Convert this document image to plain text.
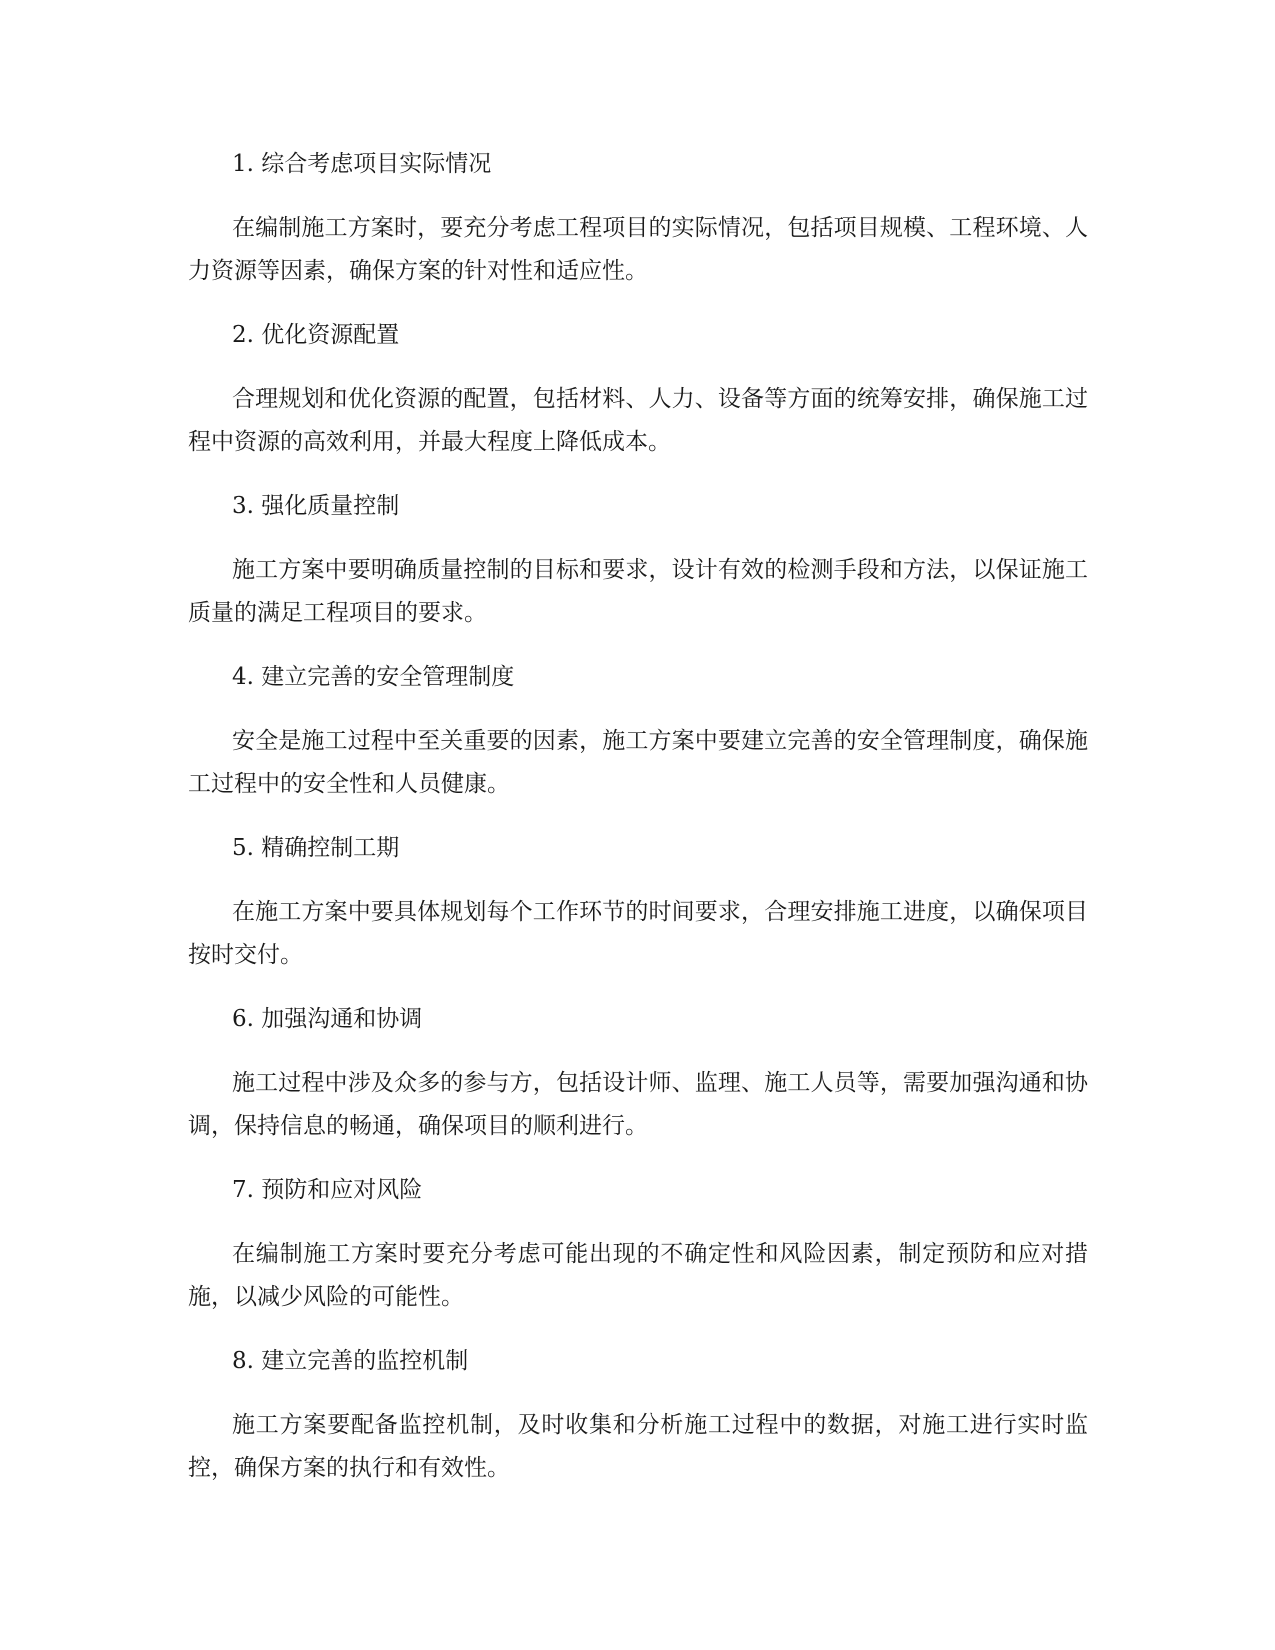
1. 综合考虑项目实际情况

在编制施工方案时，要充分考虑工程项目的实际情况，包括项目规模、工程环境、人力资源等因素，确保方案的针对性和适应性。

2. 优化资源配置

合理规划和优化资源的配置，包括材料、人力、设备等方面的统筹安排，确保施工过程中资源的高效利用，并最大程度上降低成本。

3. 强化质量控制

施工方案中要明确质量控制的目标和要求，设计有效的检测手段和方法，以保证施工质量的满足工程项目的要求。

4. 建立完善的安全管理制度

安全是施工过程中至关重要的因素，施工方案中要建立完善的安全管理制度，确保施工过程中的安全性和人员健康。

5. 精确控制工期

在施工方案中要具体规划每个工作环节的时间要求，合理安排施工进度，以确保项目按时交付。

6. 加强沟通和协调

施工过程中涉及众多的参与方，包括设计师、监理、施工人员等，需要加强沟通和协调，保持信息的畅通，确保项目的顺利进行。

7. 预防和应对风险

在编制施工方案时要充分考虑可能出现的不确定性和风险因素，制定预防和应对措施，以减少风险的可能性。

8. 建立完善的监控机制

施工方案要配备监控机制，及时收集和分析施工过程中的数据，对施工进行实时监控，确保方案的执行和有效性。
